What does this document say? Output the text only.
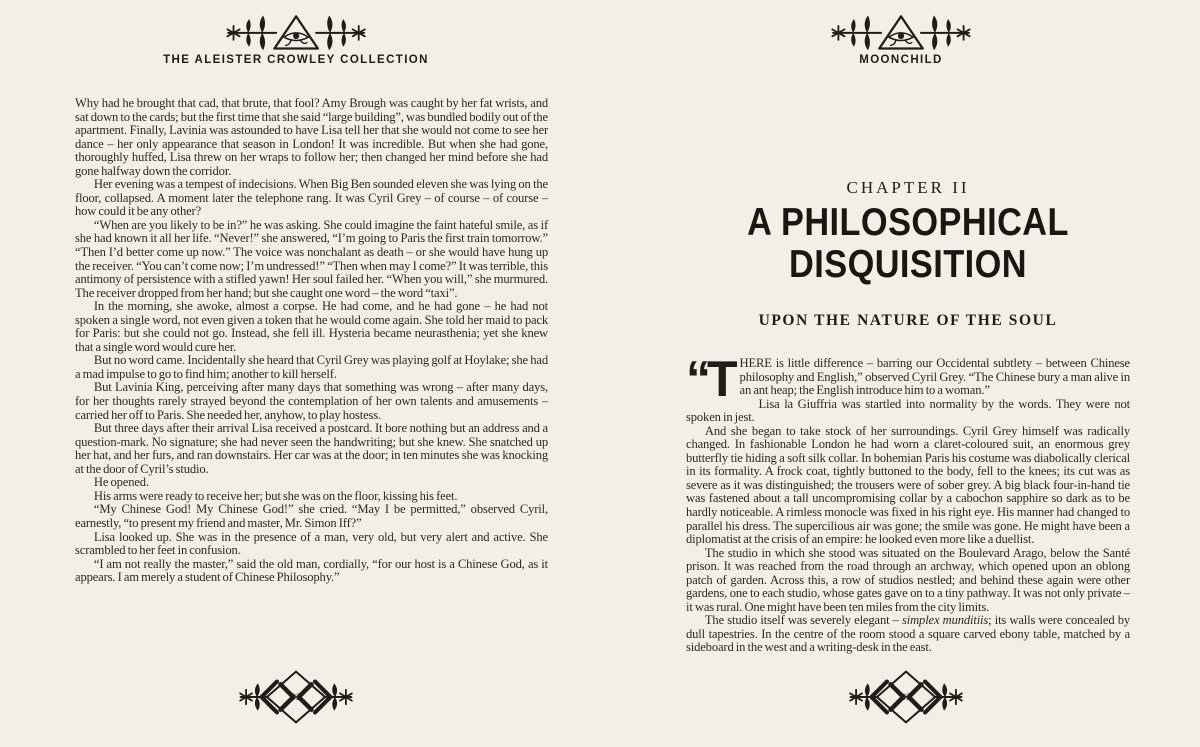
THE ALEISTER CROWLEY COLLECTION	MOONCHILD

Why had he brought that cad, that brute, that fool? Amy Brough was caught by her fat wrists, and sat down to the cards; but the first time that she said “large building”, was bundled bodily out of the apartment. Finally, Lavinia was astounded to have Lisa tell her that she would not come to see her dance – her only appearance that season in London! It was incredible. But when she had gone, thoroughly huffed, Lisa threw on her wraps to follow her; then changed her mind before she had gone halfway down the corridor.

Her evening was a tempest of indecisions. When Big Ben sounded eleven she was lying on the floor, collapsed. A moment later the telephone rang. It was Cyril Grey – of course – of course – how could it be any other?

“When are you likely to be in?” he was asking. She could imagine the faint hateful smile, as if she had known it all her life. “Never!” she answered, “I’m going to Paris the first train tomorrow.” “Then I’d better come up now.” The voice was nonchalant as death – or she would have hung up the receiver. “You can’t come now; I’m undressed!” “Then when may I come?” It was terrible, this antimony of persistence with a stifled yawn! Her soul failed her. “When you will,” she murmured. The receiver dropped from her hand; but she caught one word – the word “taxi”.

In the morning, she awoke, almost a corpse. He had come, and he had gone – he had not spoken a single word, not even given a token that he would come again. She told her maid to pack for Paris: but she could not go. Instead, she fell ill. Hysteria became neurasthenia; yet she knew that a single word would cure her.

But no word came. Incidentally she heard that Cyril Grey was playing golf at Hoylake; she had a mad impulse to go to find him; another to kill herself.

But Lavinia King, perceiving after many days that something was wrong – after many days, for her thoughts rarely strayed beyond the contemplation of her own talents and amusements – carried her off to Paris. She needed her, anyhow, to play hostess.

But three days after their arrival Lisa received a postcard. It bore nothing but an address and a question-mark. No signature; she had never seen the handwriting; but she knew. She snatched up her hat, and her furs, and ran downstairs. Her car was at the door; in ten minutes she was knocking at the door of Cyril’s studio.

He opened.

His arms were ready to receive her; but she was on the floor, kissing his feet.

“My Chinese God! My Chinese God!” she cried. “May I be permitted,” observed Cyril, earnestly, “to present my friend and master, Mr. Simon Iff?”

Lisa looked up. She was in the presence of a man, very old, but very alert and active. She scrambled to her feet in confusion.

“I am not really the master,” said the old man, cordially, “for our host is a Chinese God, as it appears. I am merely a student of Chinese Philosophy.”

CHAPTER II
A PHILOSOPHICAL
DISQUISITION
UPON THE NATURE OF THE SOUL

“THERE is little difference – barring our Occidental subtlety – between Chinese philosophy and English,” observed Cyril Grey. “The Chinese bury a man alive in an ant heap; the English introduce him to a woman.”

Lisa la Giuffria was startled into normality by the words. They were not spoken in jest.

And she began to take stock of her surroundings. Cyril Grey himself was radically changed. In fashionable London he had worn a claret-coloured suit, an enormous grey butterfly tie hiding a soft silk collar. In bohemian Paris his costume was diabolically clerical in its formality. A frock coat, tightly buttoned to the body, fell to the knees; its cut was as severe as it was distinguished; the trousers were of sober grey. A big black four-in-hand tie was fastened about a tall uncompromising collar by a cabochon sapphire so dark as to be hardly noticeable. A rimless monocle was fixed in his right eye. His manner had changed to parallel his dress. The supercilious air was gone; the smile was gone. He might have been a diplomatist at the crisis of an empire: he looked even more like a duellist.

The studio in which she stood was situated on the Boulevard Arago, below the Santé prison. It was reached from the road through an archway, which opened upon an oblong patch of garden. Across this, a row of studios nestled; and behind these again were other gardens, one to each studio, whose gates gave on to a tiny pathway. It was not only private – it was rural. One might have been ten miles from the city limits.

The studio itself was severely elegant – simplex munditiis; its walls were concealed by dull tapestries. In the centre of the room stood a square carved ebony table, matched by a sideboard in the west and a writing-desk in the east.

92	93
